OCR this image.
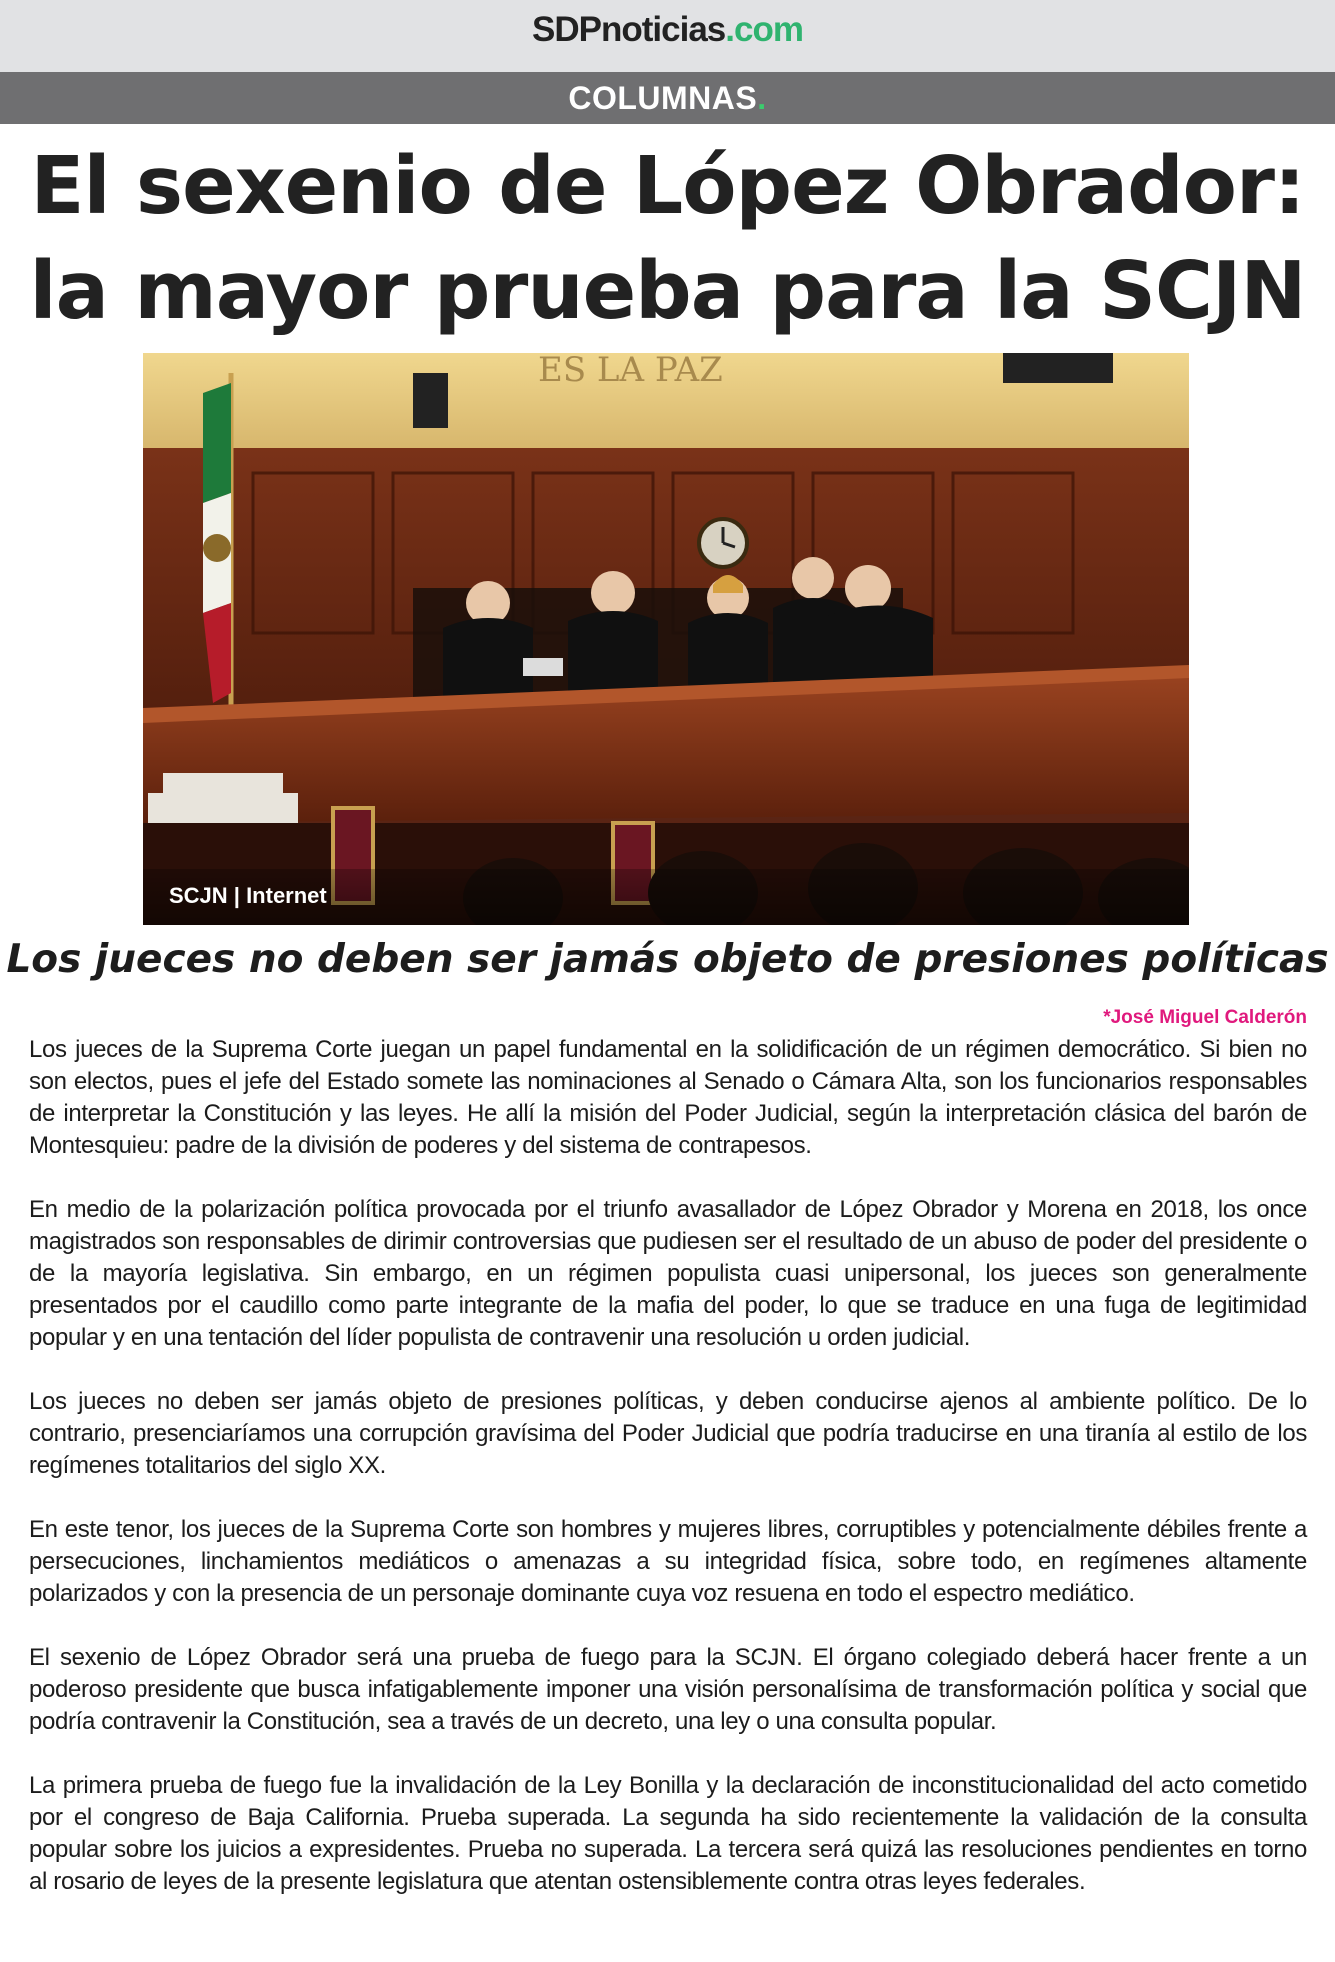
SDPnoticias.com
COLUMNAS.
El sexenio de López Obrador:
la mayor prueba para la SCJN
ES LA PAZ
SCJN | Internet
Los jueces no deben ser jamás objeto de presiones políticas
*José Miguel Calderón

Los jueces de la Suprema Corte juegan un papel fundamental en la solidificación de un régimen democrático. Si bien no son electos, pues el jefe del Estado somete las nominaciones al Senado o Cámara Alta, son los funcionarios responsables de interpretar la Constitución y las leyes. He allí la misión del Poder Judicial, según la interpretación clásica del barón de Montesquieu: padre de la división de poderes y del sistema de contrapesos.

En medio de la polarización política provocada por el triunfo avasallador de López Obrador y Morena en 2018, los once magistrados son responsables de dirimir controversias que pudiesen ser el resultado de un abuso de poder del presidente o de la mayoría legislativa. Sin embargo, en un régimen populista cuasi unipersonal, los jueces son generalmente presentados por el caudillo como parte integrante de la mafia del poder, lo que se traduce en una fuga de legitimidad popular y en una tentación del líder populista de contravenir una resolución u orden judicial.

Los jueces no deben ser jamás objeto de presiones políticas, y deben conducirse ajenos al ambiente político. De lo contrario, presenciaríamos una corrupción gravísima del Poder Judicial que podría traducirse en una tiranía al estilo de los regímenes totalitarios del siglo XX.

En este tenor, los jueces de la Suprema Corte son hombres y mujeres libres, corruptibles y potencialmente débiles frente a persecuciones, linchamientos mediáticos o amenazas a su integridad física, sobre todo, en regímenes altamente polarizados y con la presencia de un personaje dominante cuya voz resuena en todo el espectro mediático.

El sexenio de López Obrador será una prueba de fuego para la SCJN. El órgano colegiado deberá hacer frente a un poderoso presidente que busca infatigablemente imponer una visión personalísima de transformación política y social que podría contravenir la Constitución, sea a través de un decreto, una ley o una consulta popular.

La primera prueba de fuego fue la invalidación de la Ley Bonilla y la declaración de inconstitucionalidad del acto cometido por el congreso de Baja California. Prueba superada. La segunda ha sido recientemente la validación de la consulta popular sobre los juicios a expresidentes. Prueba no superada. La tercera será quizá las resoluciones pendientes en torno al rosario de leyes de la presente legislatura que atentan ostensiblemente contra otras leyes federales.
